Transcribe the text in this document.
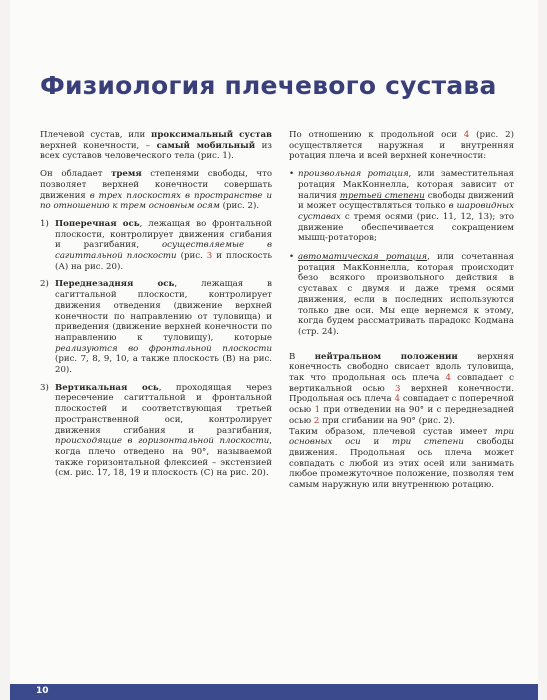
Физиология плечевого сустава

Плечевой сустав, или проксимальный сустав верхней конечности, – самый мобильный из всех суставов человеческого тела (рис. 1).

Он обладает тремя степенями свободы, что позволяет верхней конечности совершать движения в трех плоскостях в пространстве и по отношению к трем основным осям (рис. 2).

1) Поперечная ось, лежащая во фронтальной плоскости, контролирует движения сгибания и разгибания, осуществляемые в сагиттальной плоскости (рис. 3 и плоскость (А) на рис. 20).
2) Переднезадняя ось, лежащая в сагиттальной плоскости, контролирует движения отведения (движение верхней конечности по направлению от туловища) и приведения (движение верхней конечности по направлению к туловищу), которые реализуются во фронтальной плоскости (рис. 7, 8, 9, 10, а также плоскость (В) на рис. 20).
3) Вертикальная ось, проходящая через пересечение сагиттальной и фронтальной плоскостей и соответствующая третьей пространственной оси, контролирует движения сгибания и разгибания, происходящие в горизонтальной плоскости, когда плечо отведено на 90°, называемой также горизонтальной флексией – экстензией (см. рис. 17, 18, 19 и плоскость (С) на рис. 20).

По отношению к продольной оси 4 (рис. 2) осуществляется наружная и внутренняя ротация плеча и всей верхней конечности:

• произвольная ротация, или заместительная ротация МакКоннелла, которая зависит от наличия третьей степени свободы движений и может осуществляться только в шаровидных суставах с тремя осями (рис. 11, 12, 13); это движение обеспечивается сокращением мышц-ротаторов;
• автоматическая ротация, или сочетанная ротация МакКоннелла, которая происходит безо всякого произвольного действия в суставах с двумя и даже тремя осями движения, если в последних используются только две оси. Мы еще вернемся к этому, когда будем рассматривать парадокс Кодмана (стр. 24).

В нейтральном положении верхняя конечность свободно свисает вдоль туловища, так что продольная ось плеча 4 совпадает с вертикальной осью 3 верхней конечности. Продольная ось плеча 4 совпадает с поперечной осью 1 при отведении на 90° и с переднезадней осью 2 при сгибании на 90° (рис. 2).

Таким образом, плечевой сустав имеет три основных оси и три степени свободы движения. Продольная ось плеча может совпадать с любой из этих осей или занимать любое промежуточное положение, позволяя тем самым наружную или внутреннюю ротацию.

10
